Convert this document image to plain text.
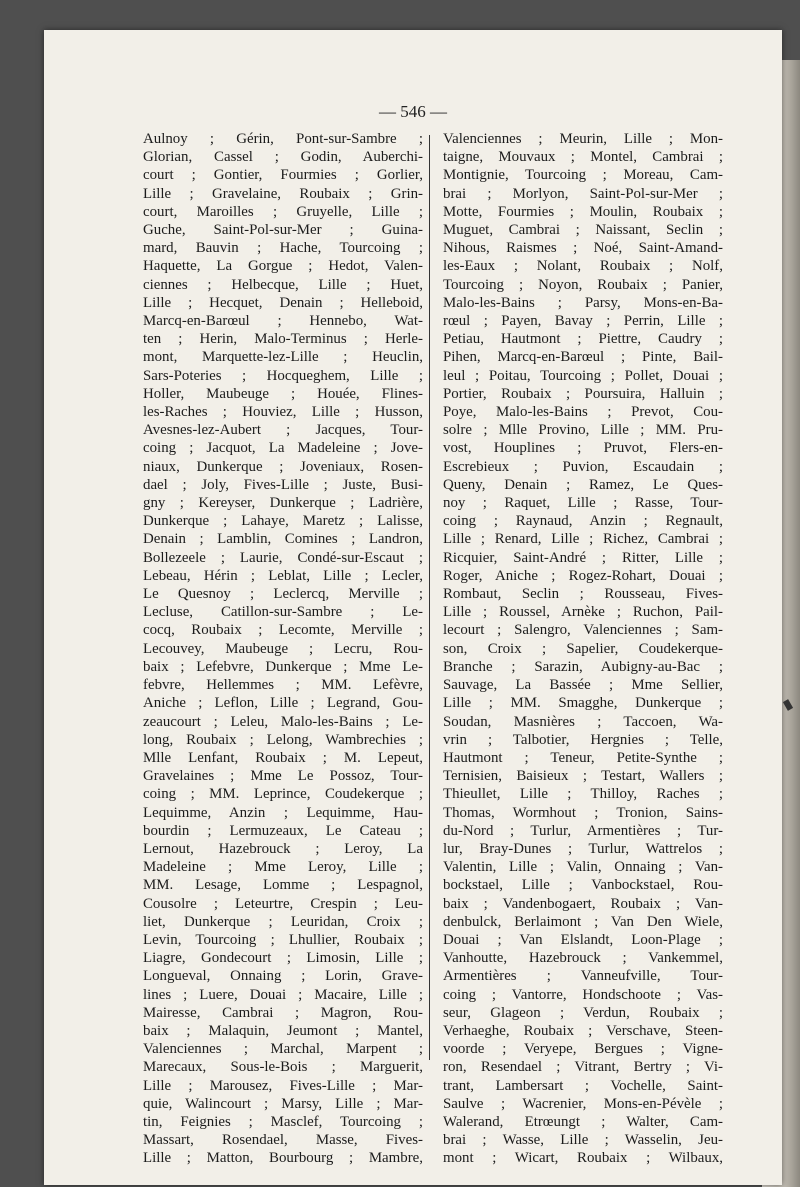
— 546 —
Aulnoy ; Gérin, Pont-sur-Sambre ;
Glorian, Cassel ; Godin, Auberchi-
court ; Gontier, Fourmies ; Gorlier,
Lille ; Gravelaine, Roubaix ; Grin-
court, Maroilles ; Gruyelle, Lille ;
Guche, Saint-Pol-sur-Mer ; Guina-
mard, Bauvin ; Hache, Tourcoing ;
Haquette, La Gorgue ; Hedot, Valen-
ciennes ; Helbecque, Lille ; Huet,
Lille ; Hecquet, Denain ; Helleboid,
Marcq-en-Barœul ; Hennebo, Wat-
ten ; Herin, Malo-Terminus ; Herle-
mont, Marquette-lez-Lille ; Heuclin,
Sars-Poteries ; Hocqueghem, Lille ;
Holler, Maubeuge ; Houée, Flines-
les-Raches ; Houviez, Lille ; Husson,
Avesnes-lez-Aubert ; Jacques, Tour-
coing ; Jacquot, La Madeleine ; Jove-
niaux, Dunkerque ; Joveniaux, Rosen-
dael ; Joly, Fives-Lille ; Juste, Busi-
gny ; Kereyser, Dunkerque ; Ladrière,
Dunkerque ; Lahaye, Maretz ; Lalisse,
Denain ; Lamblin, Comines ; Landron,
Bollezeele ; Laurie, Condé-sur-Escaut ;
Lebeau, Hérin ; Leblat, Lille ; Lecler,
Le Quesnoy ; Leclercq, Merville ;
Lecluse, Catillon-sur-Sambre ; Le-
cocq, Roubaix ; Lecomte, Merville ;
Lecouvey, Maubeuge ; Lecru, Rou-
baix ; Lefebvre, Dunkerque ; Mme Le-
febvre, Hellemmes ; MM. Lefèvre,
Aniche ; Leflon, Lille ; Legrand, Gou-
zeaucourt ; Leleu, Malo-les-Bains ; Le-
long, Roubaix ; Lelong, Wambrechies ;
Mlle Lenfant, Roubaix ; M. Lepeut,
Gravelaines ; Mme Le Possoz, Tour-
coing ; MM. Leprince, Coudekerque ;
Lequimme, Anzin ; Lequimme, Hau-
bourdin ; Lermuzeaux, Le Cateau ;
Lernout, Hazebrouck ; Leroy, La
Madeleine ; Mme Leroy, Lille ;
MM. Lesage, Lomme ; Lespagnol,
Cousolre ; Leteurtre, Crespin ; Leu-
liet, Dunkerque ; Leuridan, Croix ;
Levin, Tourcoing ; Lhullier, Roubaix ;
Liagre, Gondecourt ; Limosin, Lille ;
Longueval, Onnaing ; Lorin, Grave-
lines ; Luere, Douai ; Macaire, Lille ;
Mairesse, Cambrai ; Magron, Rou-
baix ; Malaquin, Jeumont ; Mantel,
Valenciennes ; Marchal, Marpent ;
Marecaux, Sous-le-Bois ; Marguerit,
Lille ; Marousez, Fives-Lille ; Mar-
quie, Walincourt ; Marsy, Lille ; Mar-
tin, Feignies ; Masclef, Tourcoing ;
Massart, Rosendael, Masse, Fives-
Lille ; Matton, Bourbourg ; Mambre,
Valenciennes ; Meurin, Lille ; Mon-
taigne, Mouvaux ; Montel, Cambrai ;
Montignie, Tourcoing ; Moreau, Cam-
brai ; Morlyon, Saint-Pol-sur-Mer ;
Motte, Fourmies ; Moulin, Roubaix ;
Muguet, Cambrai ; Naissant, Seclin ;
Nihous, Raismes ; Noé, Saint-Amand-
les-Eaux ; Nolant, Roubaix ; Nolf,
Tourcoing ; Noyon, Roubaix ; Panier,
Malo-les-Bains ; Parsy, Mons-en-Ba-
rœul ; Payen, Bavay ; Perrin, Lille ;
Petiau, Hautmont ; Piettre, Caudry ;
Pihen, Marcq-en-Barœul ; Pinte, Bail-
leul ; Poitau, Tourcoing ; Pollet, Douai ;
Portier, Roubaix ; Poursuira, Halluin ;
Poye, Malo-les-Bains ; Prevot, Cou-
solre ; Mlle Provino, Lille ; MM. Pru-
vost, Houplines ; Pruvot, Flers-en-
Escrebieux ; Puvion, Escaudain ;
Queny, Denain ; Ramez, Le Ques-
noy ; Raquet, Lille ; Rasse, Tour-
coing ; Raynaud, Anzin ; Regnault,
Lille ; Renard, Lille ; Richez, Cambrai ;
Ricquier, Saint-André ; Ritter, Lille ;
Roger, Aniche ; Rogez-Rohart, Douai ;
Rombaut, Seclin ; Rousseau, Fives-
Lille ; Roussel, Arnèke ; Ruchon, Pail-
lecourt ; Salengro, Valenciennes ; Sam-
son, Croix ; Sapelier, Coudekerque-
Branche ; Sarazin, Aubigny-au-Bac ;
Sauvage, La Bassée ; Mme Sellier,
Lille ; MM. Smagghe, Dunkerque ;
Soudan, Masnières ; Taccoen, Wa-
vrin ; Talbotier, Hergnies ; Telle,
Hautmont ; Teneur, Petite-Synthe ;
Ternisien, Baisieux ; Testart, Wallers ;
Thieullet, Lille ; Thilloy, Raches ;
Thomas, Wormhout ; Tronion, Sains-
du-Nord ; Turlur, Armentières ; Tur-
lur, Bray-Dunes ; Turlur, Wattrelos ;
Valentin, Lille ; Valin, Onnaing ; Van-
bockstael, Lille ; Vanbockstael, Rou-
baix ; Vandenbogaert, Roubaix ; Van-
denbulck, Berlaimont ; Van Den Wiele,
Douai ; Van Elslandt, Loon-Plage ;
Vanhoutte, Hazebrouck ; Vankemmel,
Armentières ; Vanneufville, Tour-
coing ; Vantorre, Hondschoote ; Vas-
seur, Glageon ; Verdun, Roubaix ;
Verhaeghe, Roubaix ; Verschave, Steen-
voorde ; Veryepe, Bergues ; Vigne-
ron, Resendael ; Vitrant, Bertry ; Vi-
trant, Lambersart ; Vochelle, Saint-
Saulve ; Wacrenier, Mons-en-Pévèle ;
Walerand, Etrœungt ; Walter, Cam-
brai ; Wasse, Lille ; Wasselin, Jeu-
mont ; Wicart, Roubaix ; Wilbaux,
